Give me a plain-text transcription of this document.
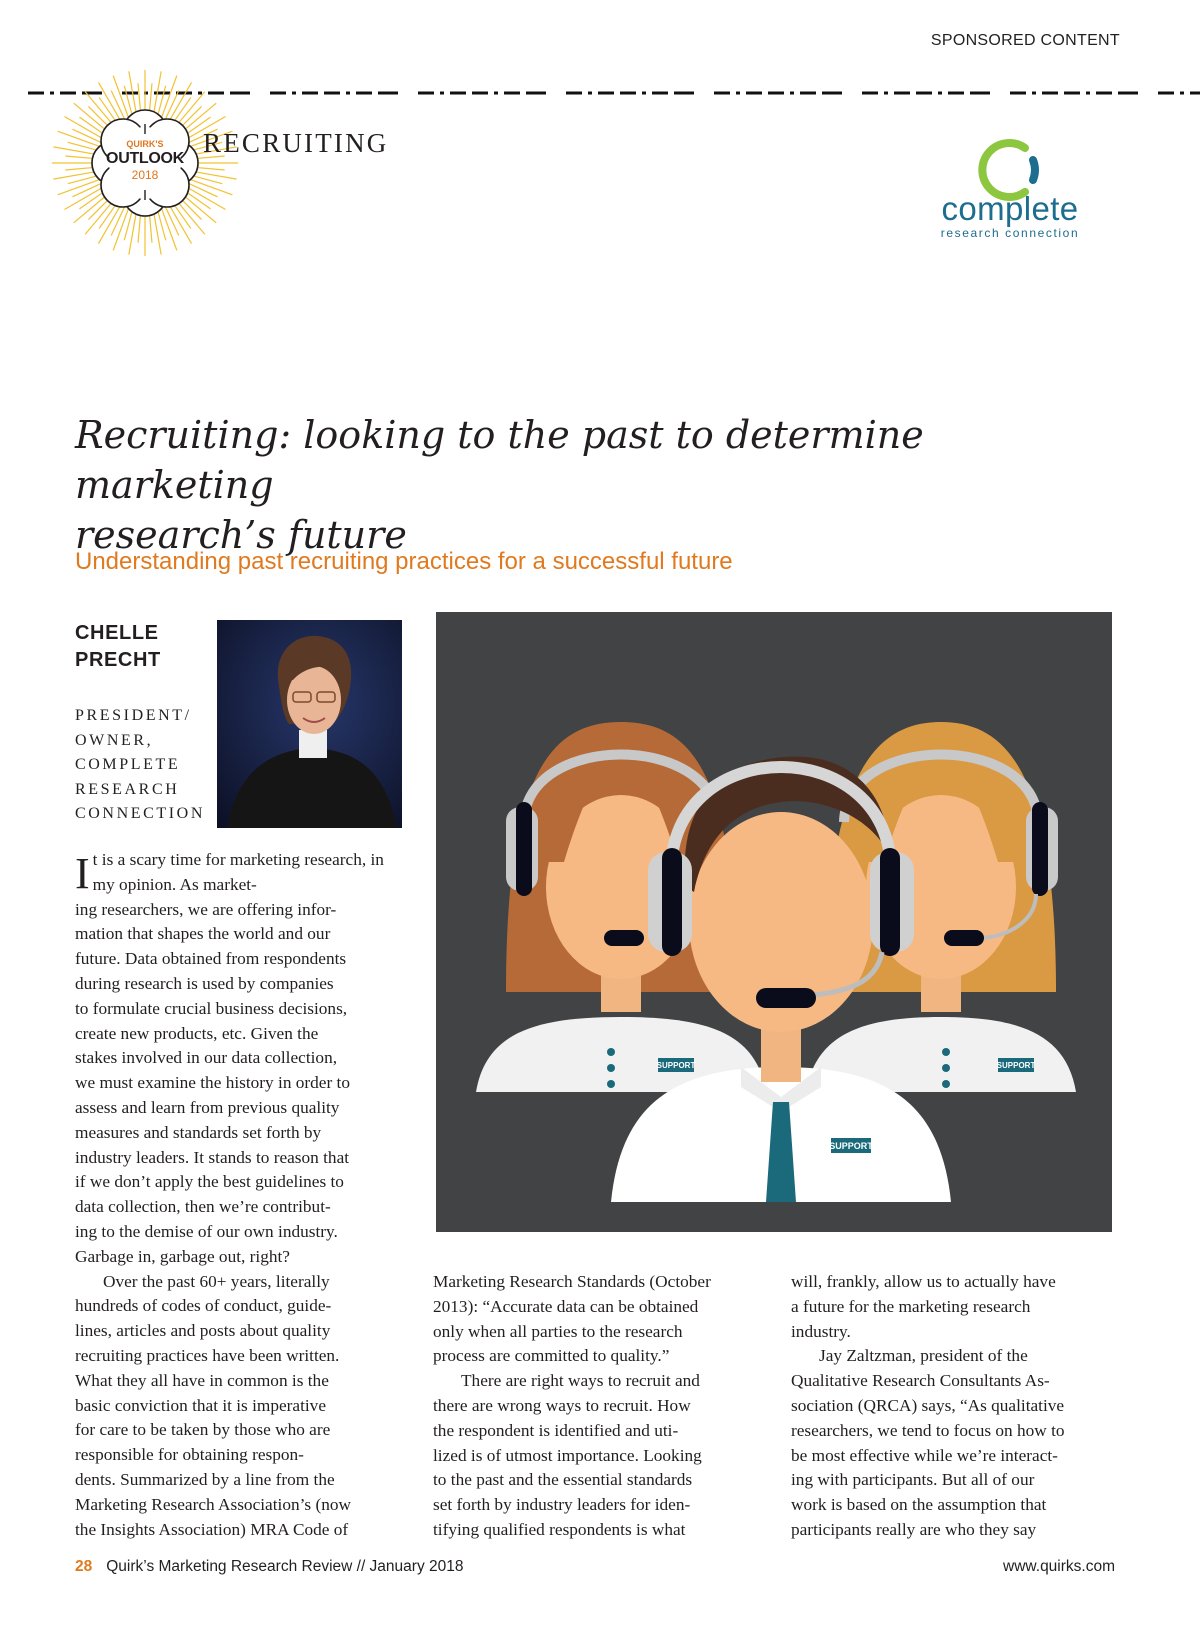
SPONSORED CONTENT
QUIRK'S
OUTLOOK
2018
RECRUITING
complete
research connection
Recruiting: looking to the past to determine marketing
research’s future
Understanding past recruiting practices for a successful future
CHELLE
PRECHT
PRESIDENT/
OWNER,
COMPLETE
RESEARCH
CONNECTION
SUPPORT	SUPPORT
SUPPORT

It is a scary time for marketing research, in my opinion. As market-

ing researchers, we are offering infor-

mation that shapes the world and our

future. Data obtained from respondents

during research is used by companies

to formulate crucial business decisions,

create new products, etc. Given the

stakes involved in our data collection,

we must examine the history in order to

assess and learn from previous quality

measures and standards set forth by

industry leaders. It stands to reason that

if we don’t apply the best guidelines to

data collection, then we’re contribut-

ing to the demise of our own industry.

Garbage in, garbage out, right?

Over the past 60+ years, literally

hundreds of codes of conduct, guide-

lines, articles and posts about quality

recruiting practices have been written.

What they all have in common is the

basic conviction that it is imperative

for care to be taken by those who are

responsible for obtaining respon-

dents. Summarized by a line from the

Marketing Research Association’s (now

the Insights Association) MRA Code of

Marketing Research Standards (October

2013): “Accurate data can be obtained

only when all parties to the research

process are committed to quality.”

There are right ways to recruit and

there are wrong ways to recruit. How

the respondent is identified and uti-

lized is of utmost importance. Looking

to the past and the essential standards

set forth by industry leaders for iden-

tifying qualified respondents is what

will, frankly, allow us to actually have

a future for the marketing research

industry.

Jay Zaltzman, president of the

Qualitative Research Consultants As-

sociation (QRCA) says, “As qualitative

researchers, we tend to focus on how to

be most effective while we’re interact-

ing with participants. But all of our

work is based on the assumption that

participants really are who they say

28 Quirk’s Marketing Research Review // January 2018	www.quirks.com
